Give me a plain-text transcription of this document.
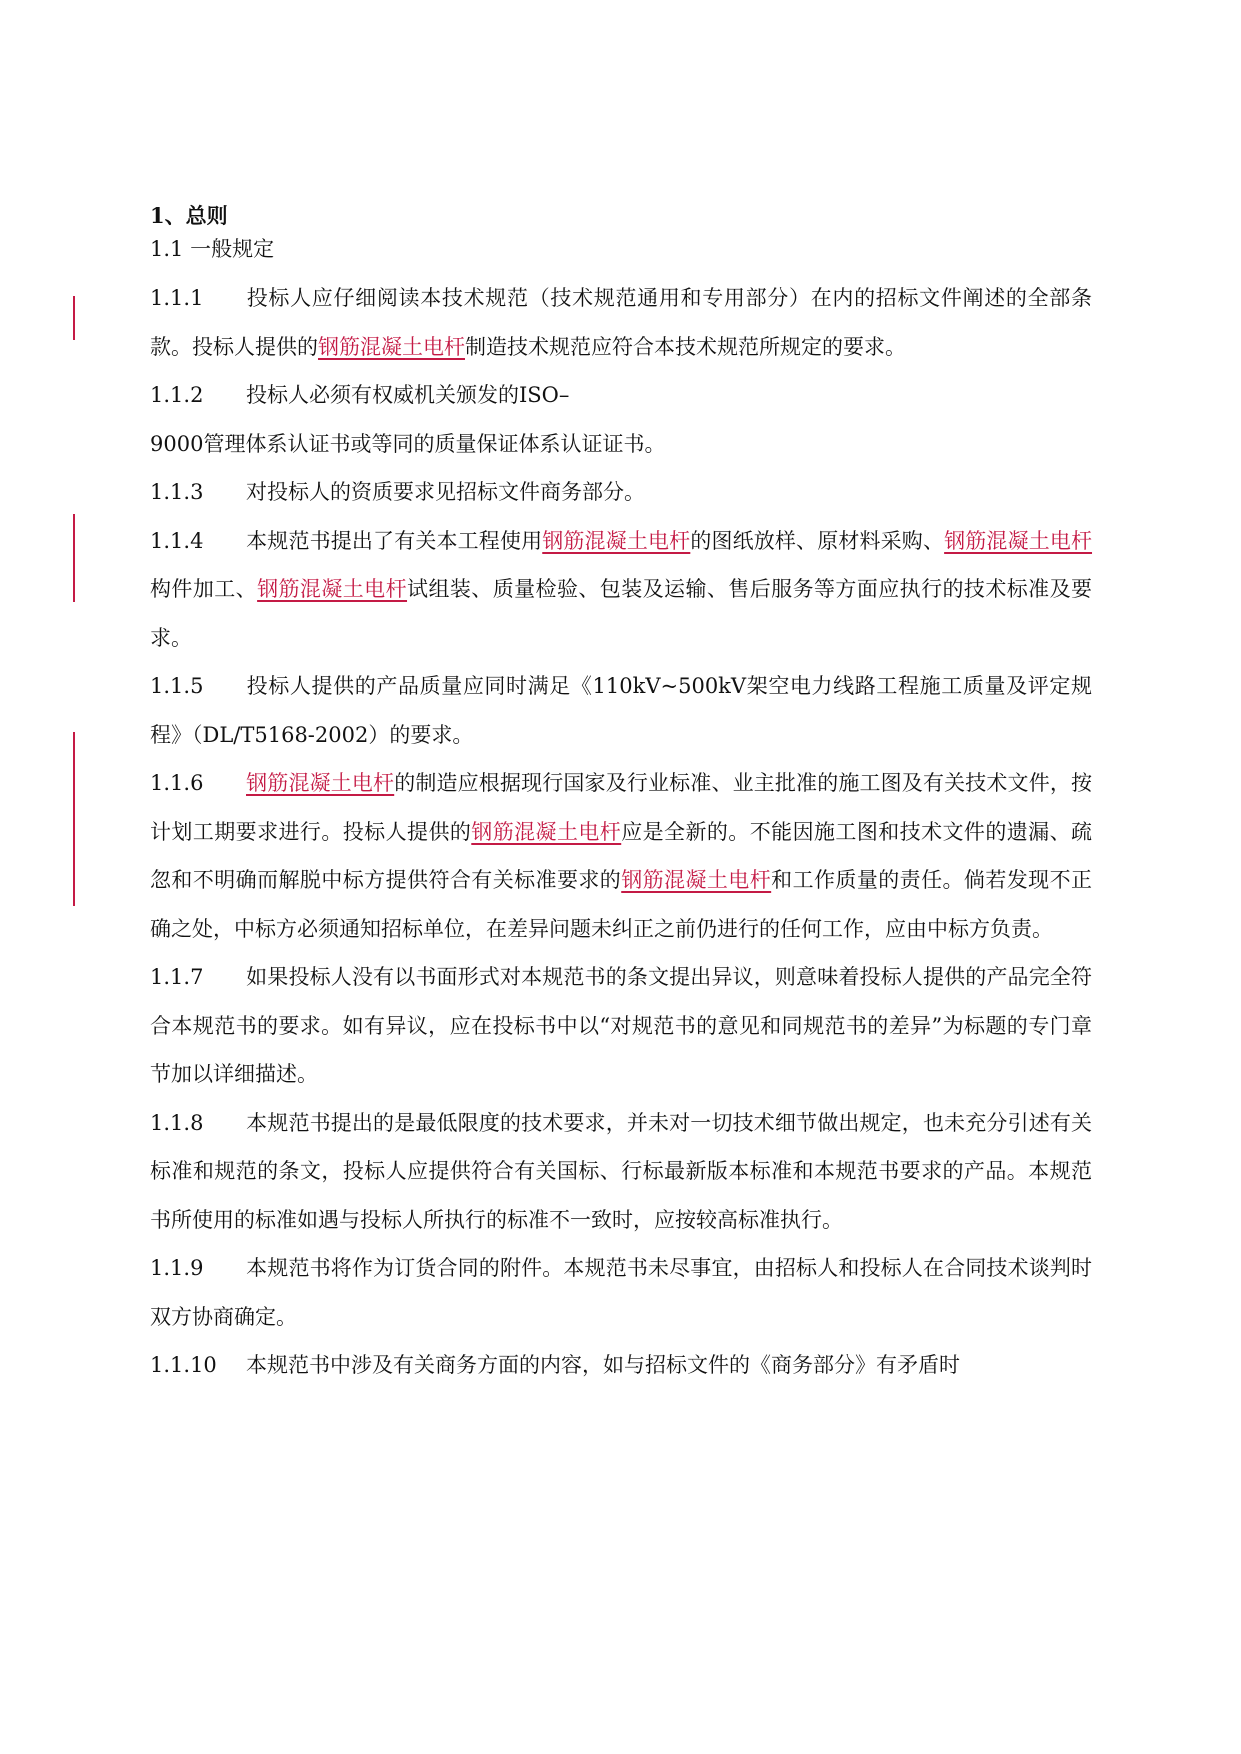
1、总则

1.1 一般规定

1.1.1 投标人应仔细阅读本技术规范（技术规范通用和专用部分）在内的招标文件阐述的全部条款。投标人提供的钢筋混凝土电杆制造技术规范应符合本技术规范所规定的要求。

1.1.2 投标人必须有权威机关颁发的ISO–
9000管理体系认证书或等同的质量保证体系认证证书。

1.1.3 对投标人的资质要求见招标文件商务部分。

1.1.4 本规范书提出了有关本工程使用钢筋混凝土电杆的图纸放样、原材料采购、钢筋混凝土电杆构件加工、钢筋混凝土电杆试组装、质量检验、包装及运输、售后服务等方面应执行的技术标准及要求。

1.1.5 投标人提供的产品质量应同时满足《110kV~500kV架空电力线路工程施工质量及评定规程》（DL/T5168-2002）的要求。

1.1.6 钢筋混凝土电杆的制造应根据现行国家及行业标准、业主批准的施工图及有关技术文件，按计划工期要求进行。投标人提供的钢筋混凝土电杆应是全新的。不能因施工图和技术文件的遗漏、疏忽和不明确而解脱中标方提供符合有关标准要求的钢筋混凝土电杆和工作质量的责任。倘若发现不正确之处，中标方必须通知招标单位，在差异问题未纠正之前仍进行的任何工作，应由中标方负责。

1.1.7 如果投标人没有以书面形式对本规范书的条文提出异议，则意味着投标人提供的产品完全符合本规范书的要求。如有异议，应在投标书中以“对规范书的意见和同规范书的差异”为标题的专门章节加以详细描述。

1.1.8 本规范书提出的是最低限度的技术要求，并未对一切技术细节做出规定，也未充分引述有关标准和规范的条文，投标人应提供符合有关国标、行标最新版本标准和本规范书要求的产品。本规范书所使用的标准如遇与投标人所执行的标准不一致时，应按较高标准执行。

1.1.9 本规范书将作为订货合同的附件。本规范书未尽事宜，由招标人和投标人在合同技术谈判时双方协商确定。

1.1.10 本规范书中涉及有关商务方面的内容，如与招标文件的《商务部分》有矛盾时
